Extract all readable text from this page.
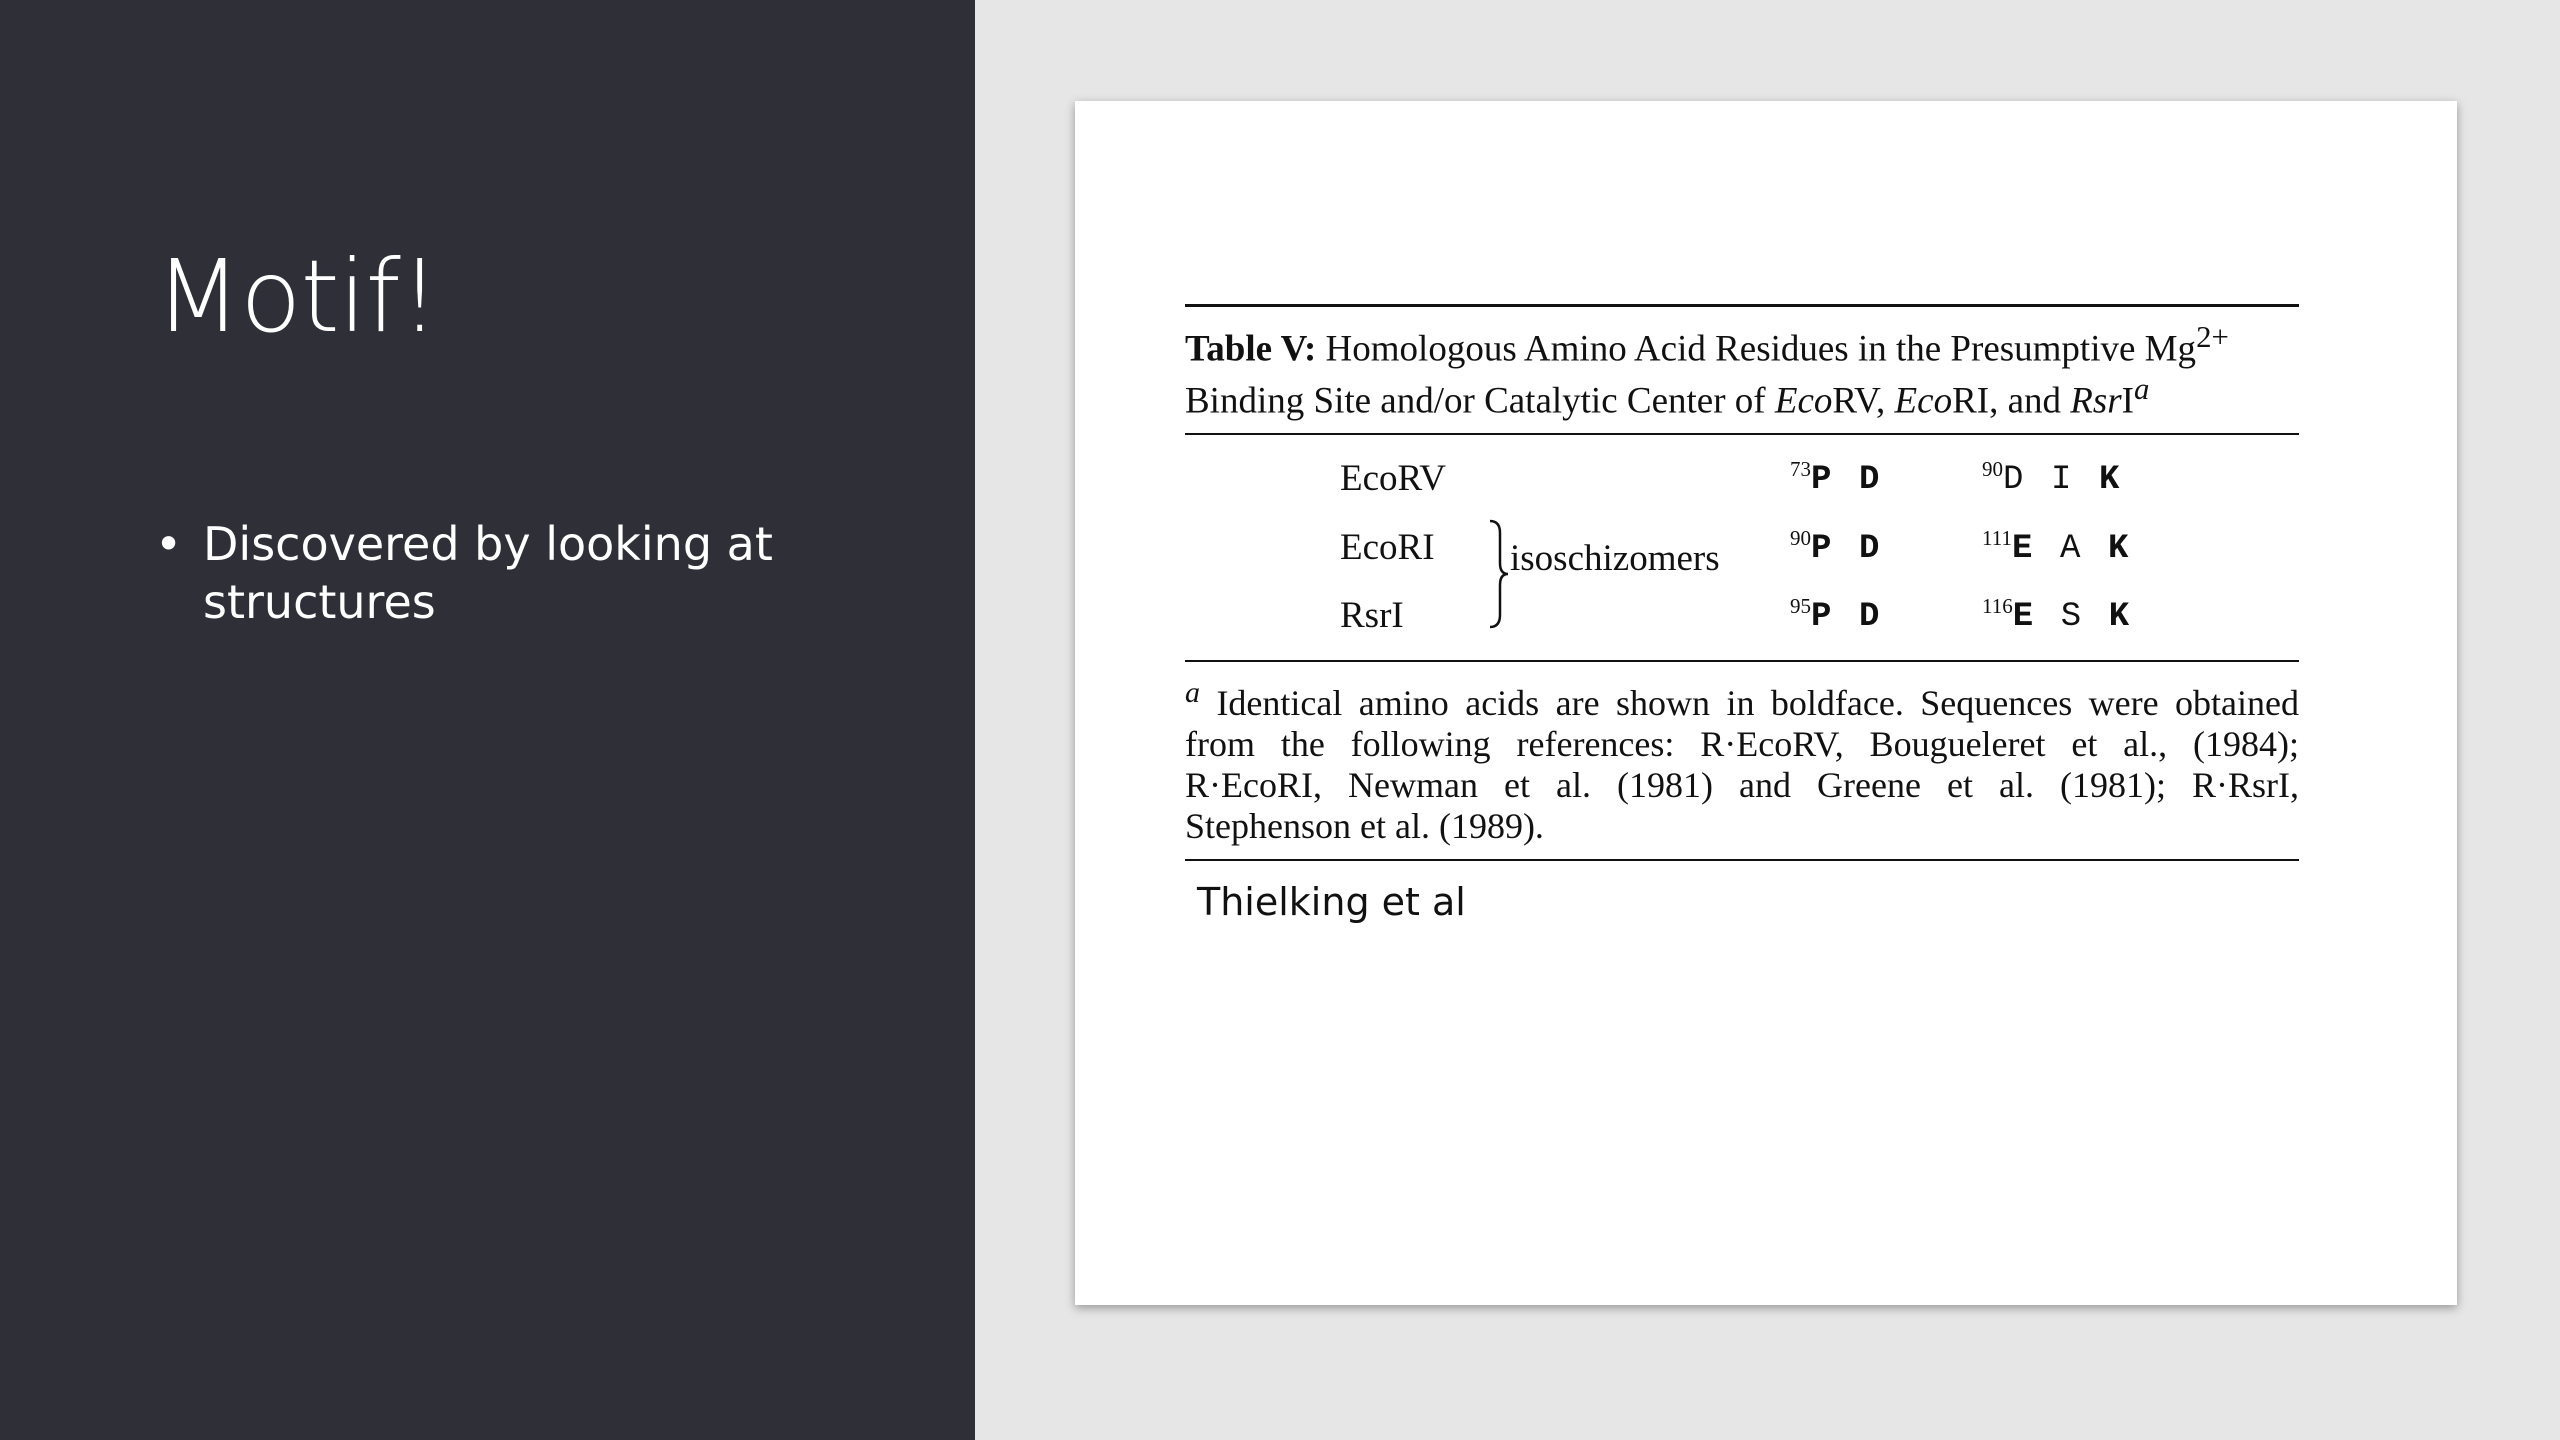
Motif!
• Discovered by looking at structures
Table V: Homologous Amino Acid Residues in the Presumptive $Mg^{2+}$ Binding Site and/or Catalytic Center of EcoRV, EcoRI, and RsrI$^a$
EcoRV	$^{73}$P D	$^{90}$D I K
EcoRI	$^{90}$P D	$^{111}$E A K
RsrI	$^{95}$P D	$^{116}$E S K
isoschizomers
$^a$ Identical amino acids are shown in boldface. Sequences were obtained from the following references: R·EcoRV, Bougueleret et al., (1984); R·EcoRI, Newman et al. (1981) and Greene et al. (1981); R·RsrI, Stephenson et al. (1989).
Thielking et al
